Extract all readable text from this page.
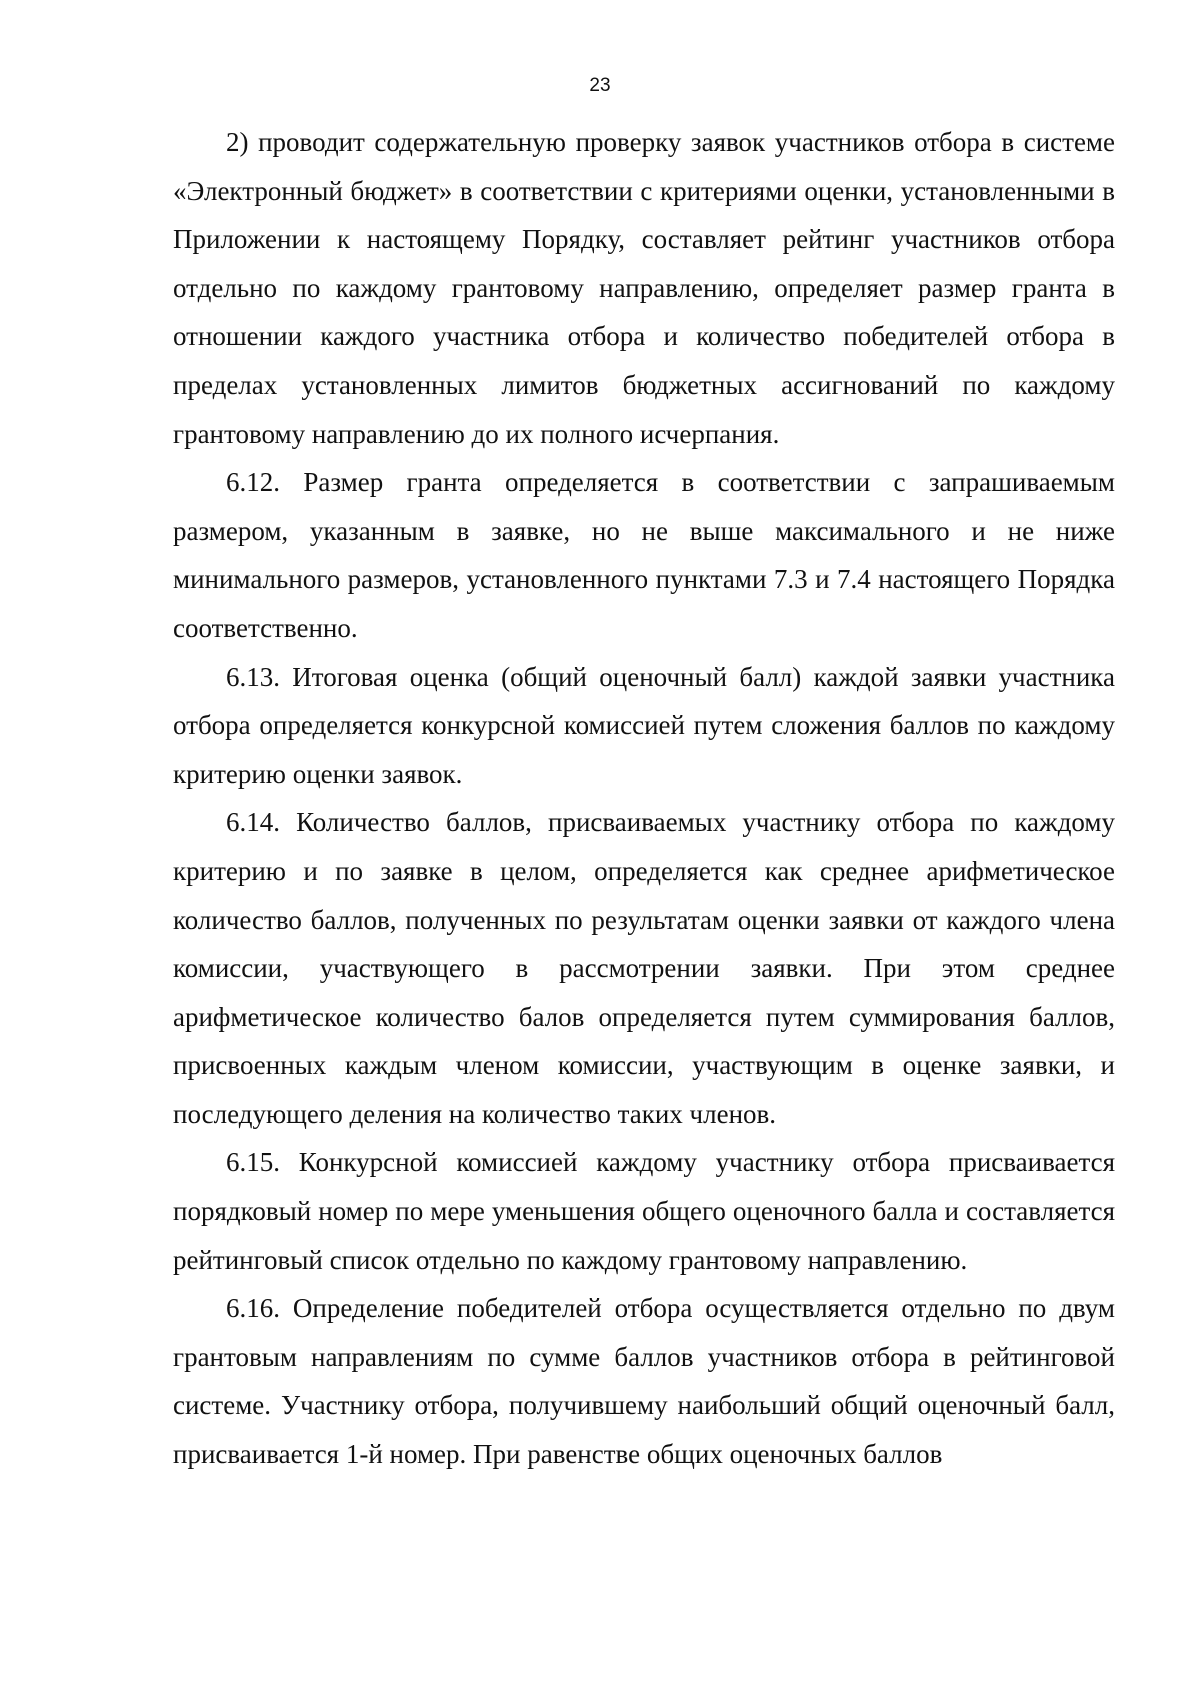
23

2) проводит содержательную проверку заявок участников отбора в системе «Электронный бюджет» в соответствии с критериями оценки, установленными в Приложении к настоящему Порядку, составляет рейтинг участников отбора отдельно по каждому грантовому направлению, определяет размер гранта в отношении каждого участника отбора и количество победителей отбора в пределах установленных лимитов бюджетных ассигнований по каждому грантовому направлению до их полного исчерпания.

6.12. Размер гранта определяется в соответствии с запрашиваемым размером, указанным в заявке, но не выше максимального и не ниже минимального размеров, установленного пунктами 7.3 и 7.4 настоящего Порядка соответственно.

6.13. Итоговая оценка (общий оценочный балл) каждой заявки участника отбора определяется конкурсной комиссией путем сложения баллов по каждому критерию оценки заявок.

6.14. Количество баллов, присваиваемых участнику отбора по каждому критерию и по заявке в целом, определяется как среднее арифметическое количество баллов, полученных по результатам оценки заявки от каждого члена комиссии, участвующего в рассмотрении заявки. При этом среднее арифметическое количество балов определяется путем суммирования баллов, присвоенных каждым членом комиссии, участвующим в оценке заявки, и последующего деления на количество таких членов.

6.15. Конкурсной комиссией каждому участнику отбора присваивается порядковый номер по мере уменьшения общего оценочного балла и составляется рейтинговый список отдельно по каждому грантовому направлению.

6.16. Определение победителей отбора осуществляется отдельно по двум грантовым направлениям по сумме баллов участников отбора в рейтинговой системе. Участнику отбора, получившему наибольший общий оценочный балл, присваивается 1-й номер. При равенстве общих оценочных баллов
